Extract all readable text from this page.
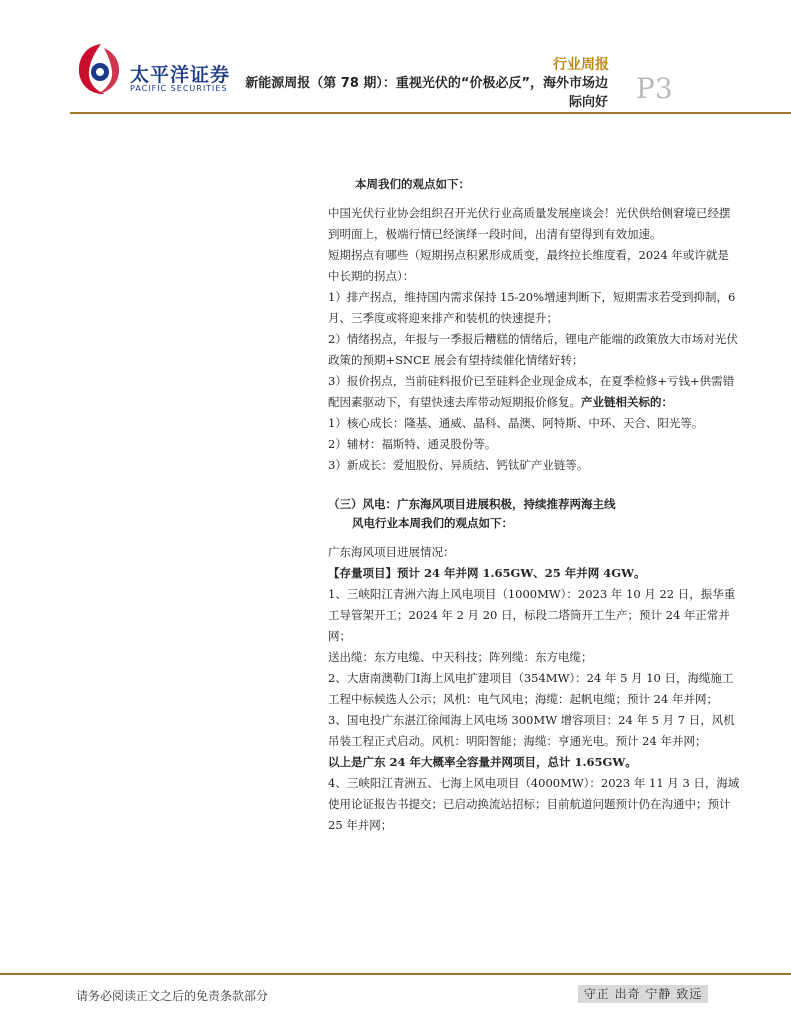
太平洋证券
PACIFIC SECURITIES
行业周报
新能源周报（第 78 期）：重视光伏的“价极必反”，海外市场边际向好 P3

本周我们的观点如下：

中国光伏行业协会组织召开光伏行业高质量发展座谈会！光伏供给侧窘境已经摆到明面上，极端行情已经演绎一段时间，出清有望得到有效加速。

短期拐点有哪些（短期拐点积累形成质变，最终拉长维度看，2024 年或许就是中长期的拐点）：

1）排产拐点，维持国内需求保持 15-20%增速判断下，短期需求若受到抑制，6 月、三季度或将迎来排产和装机的快速提升；

2）情绪拐点，年报与一季报后糟糕的情绪后，锂电产能端的政策放大市场对光伏政策的预期+SNCE 展会有望持续催化情绪好转；

3）报价拐点，当前硅料报价已至硅料企业现金成本，在夏季检修+亏钱+供需错配因素驱动下，有望快速去库带动短期报价修复。产业链相关标的：

1）核心成长：隆基、通威、晶科、晶澳、阿特斯、中环、天合、阳光等。

2）辅材：福斯特、通灵股份等。

3）新成长：爱旭股份、异质结、钙钛矿产业链等。

（三）风电：广东海风项目进展积极，持续推荐两海主线

风电行业本周我们的观点如下：

广东海风项目进展情况：

【存量项目】预计 24 年并网 1.65GW、25 年并网 4GW。

1、三峡阳江青洲六海上风电项目（1000MW）：2023 年 10 月 22 日，振华重工导管架开工；2024 年 2 月 20 日，标段二塔筒开工生产；预计 24 年正常并网；

送出缆：东方电缆、中天科技；阵列缆：东方电缆；

2、大唐南澳勒门Ⅰ海上风电扩建项目（354MW）：24 年 5 月 10 日，海缆施工工程中标候选人公示；风机：电气风电；海缆：起帆电缆；预计 24 年并网；

3、国电投广东湛江徐闻海上风电场 300MW 增容项目：24 年 5 月 7 日，风机吊装工程正式启动。风机：明阳智能；海缆：亨通光电。预计 24 年并网；

以上是广东 24 年大概率全容量并网项目，总计 1.65GW。

4、三峡阳江青洲五、七海上风电项目（4000MW）：2023 年 11 月 3 日，海域使用论证报告书提交；已启动换流站招标；目前航道问题预计仍在沟通中；预计 25 年并网；

请务必阅读正文之后的免责条款部分	守正 出奇 宁静 致远
